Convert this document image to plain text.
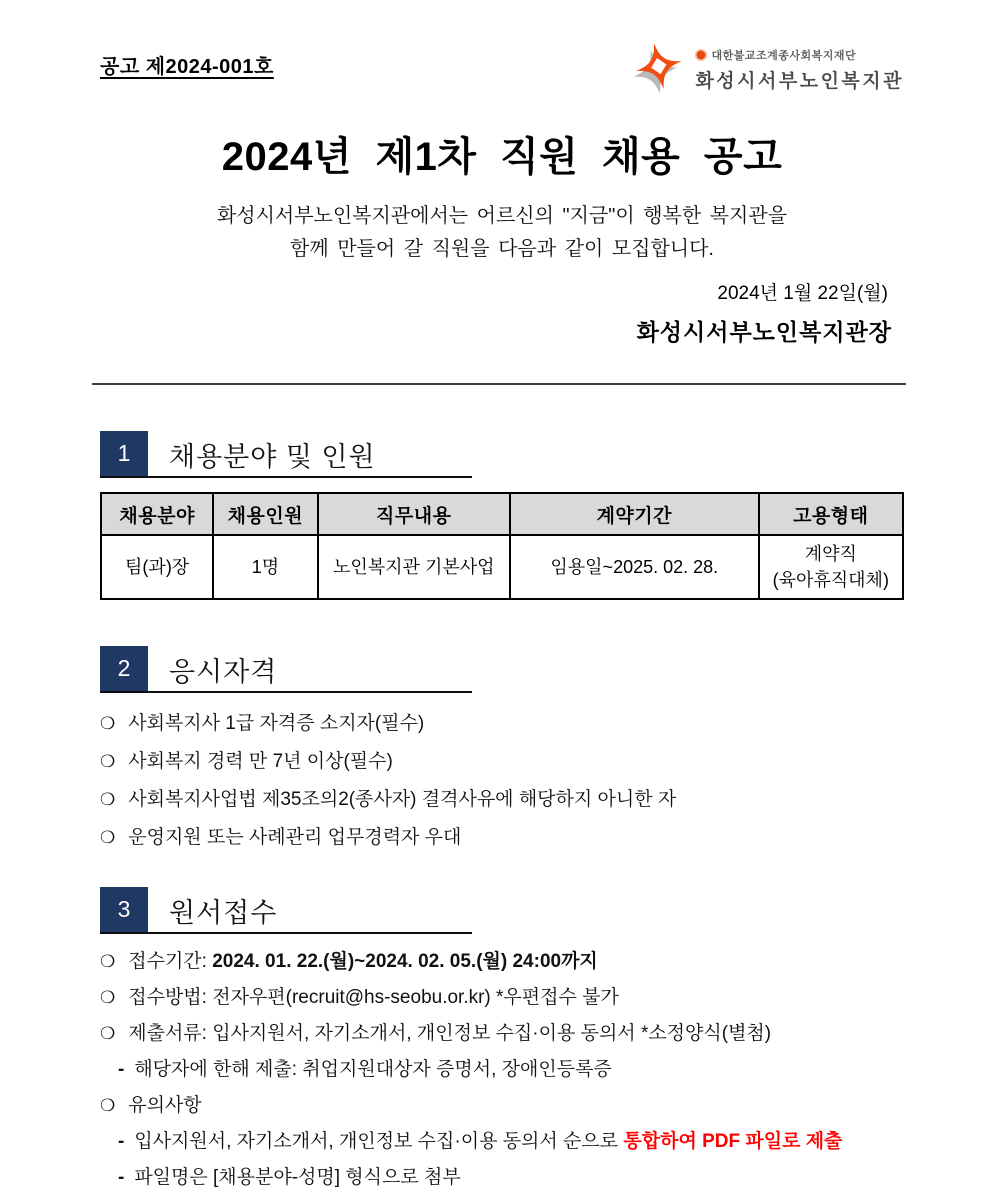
공고 제2024-001호
대한불교조계종사회복지재단
화성시서부노인복지관
2024년 제1차 직원 채용 공고
화성시서부노인복지관에서는 어르신의 "지금"이 행복한 복지관을
함께 만들어 갈 직원을 다음과 같이 모집합니다.
2024년 1월 22일(월)
화성시서부노인복지관장
1	채용분야 및 인원
채용분야	채용인원	직무내용	계약기간	고용형태
팀(과)장	1명	노인복지관 기본사업	임용일~2025. 02. 28.	계약직
(육아휴직대체)
2	응시자격
❍ 사회복지사 1급 자격증 소지자(필수)
❍ 사회복지 경력 만 7년 이상(필수)
❍ 사회복지사업법 제35조의2(종사자) 결격사유에 해당하지 아니한 자
❍ 운영지원 또는 사례관리 업무경력자 우대
3	원서접수
❍ 접수기간: 2024. 01. 22.(월)~2024. 02. 05.(월) 24:00까지
❍ 접수방법: 전자우편(recruit@hs-seobu.or.kr) *우편접수 불가
❍ 제출서류: 입사지원서, 자기소개서, 개인정보 수집·이용 동의서 *소정양식(별첨)
- 해당자에 한해 제출: 취업지원대상자 증명서, 장애인등록증
❍ 유의사항
- 입사지원서, 자기소개서, 개인정보 수집·이용 동의서 순으로 통합하여 PDF 파일로 제출
- 파일명은 [채용분야-성명] 형식으로 첨부
